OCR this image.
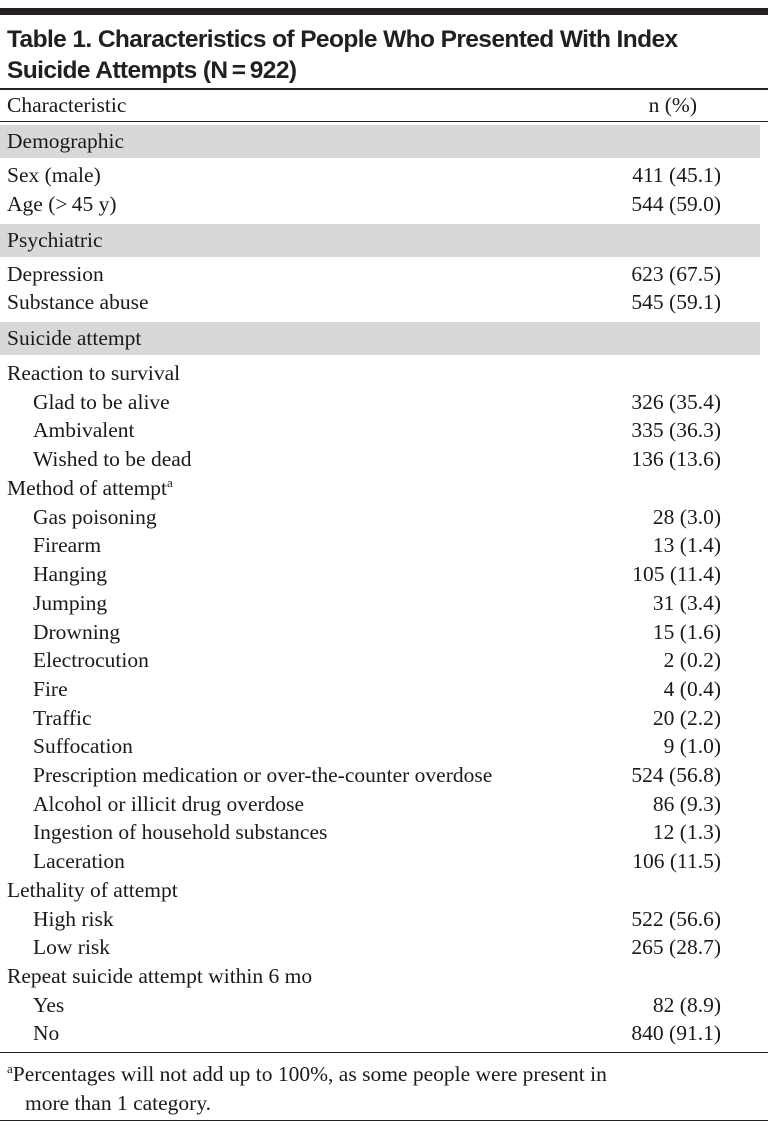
Table 1. Characteristics of People Who Presented With Index
Suicide Attempts (N = 922)
Characteristic	n (%)
Demographic
Sex (male)	411 (45.1)
Age (> 45 y)	544 (59.0)
Psychiatric
Depression	623 (67.5)
Substance abuse	545 (59.1)
Suicide attempt
Reaction to survival
Glad to be alive	326 (35.4)
Ambivalent	335 (36.3)
Wished to be dead	136 (13.6)
Method of attempt$^a$
Gas poisoning	28 (3.0)
Firearm	13 (1.4)
Hanging	105 (11.4)
Jumping	31 (3.4)
Drowning	15 (1.6)
Electrocution	2 (0.2)
Fire	4 (0.4)
Traffic	20 (2.2)
Suffocation	9 (1.0)
Prescription medication or over-the-counter overdose	524 (56.8)
Alcohol or illicit drug overdose	86 (9.3)
Ingestion of household substances	12 (1.3)
Laceration	106 (11.5)
Lethality of attempt
High risk	522 (56.6)
Low risk	265 (28.7)
Repeat suicide attempt within 6 mo
Yes	82 (8.9)
No	840 (91.1)
$^a$Percentages will not add up to 100%, as some people were present in
more than 1 category.
